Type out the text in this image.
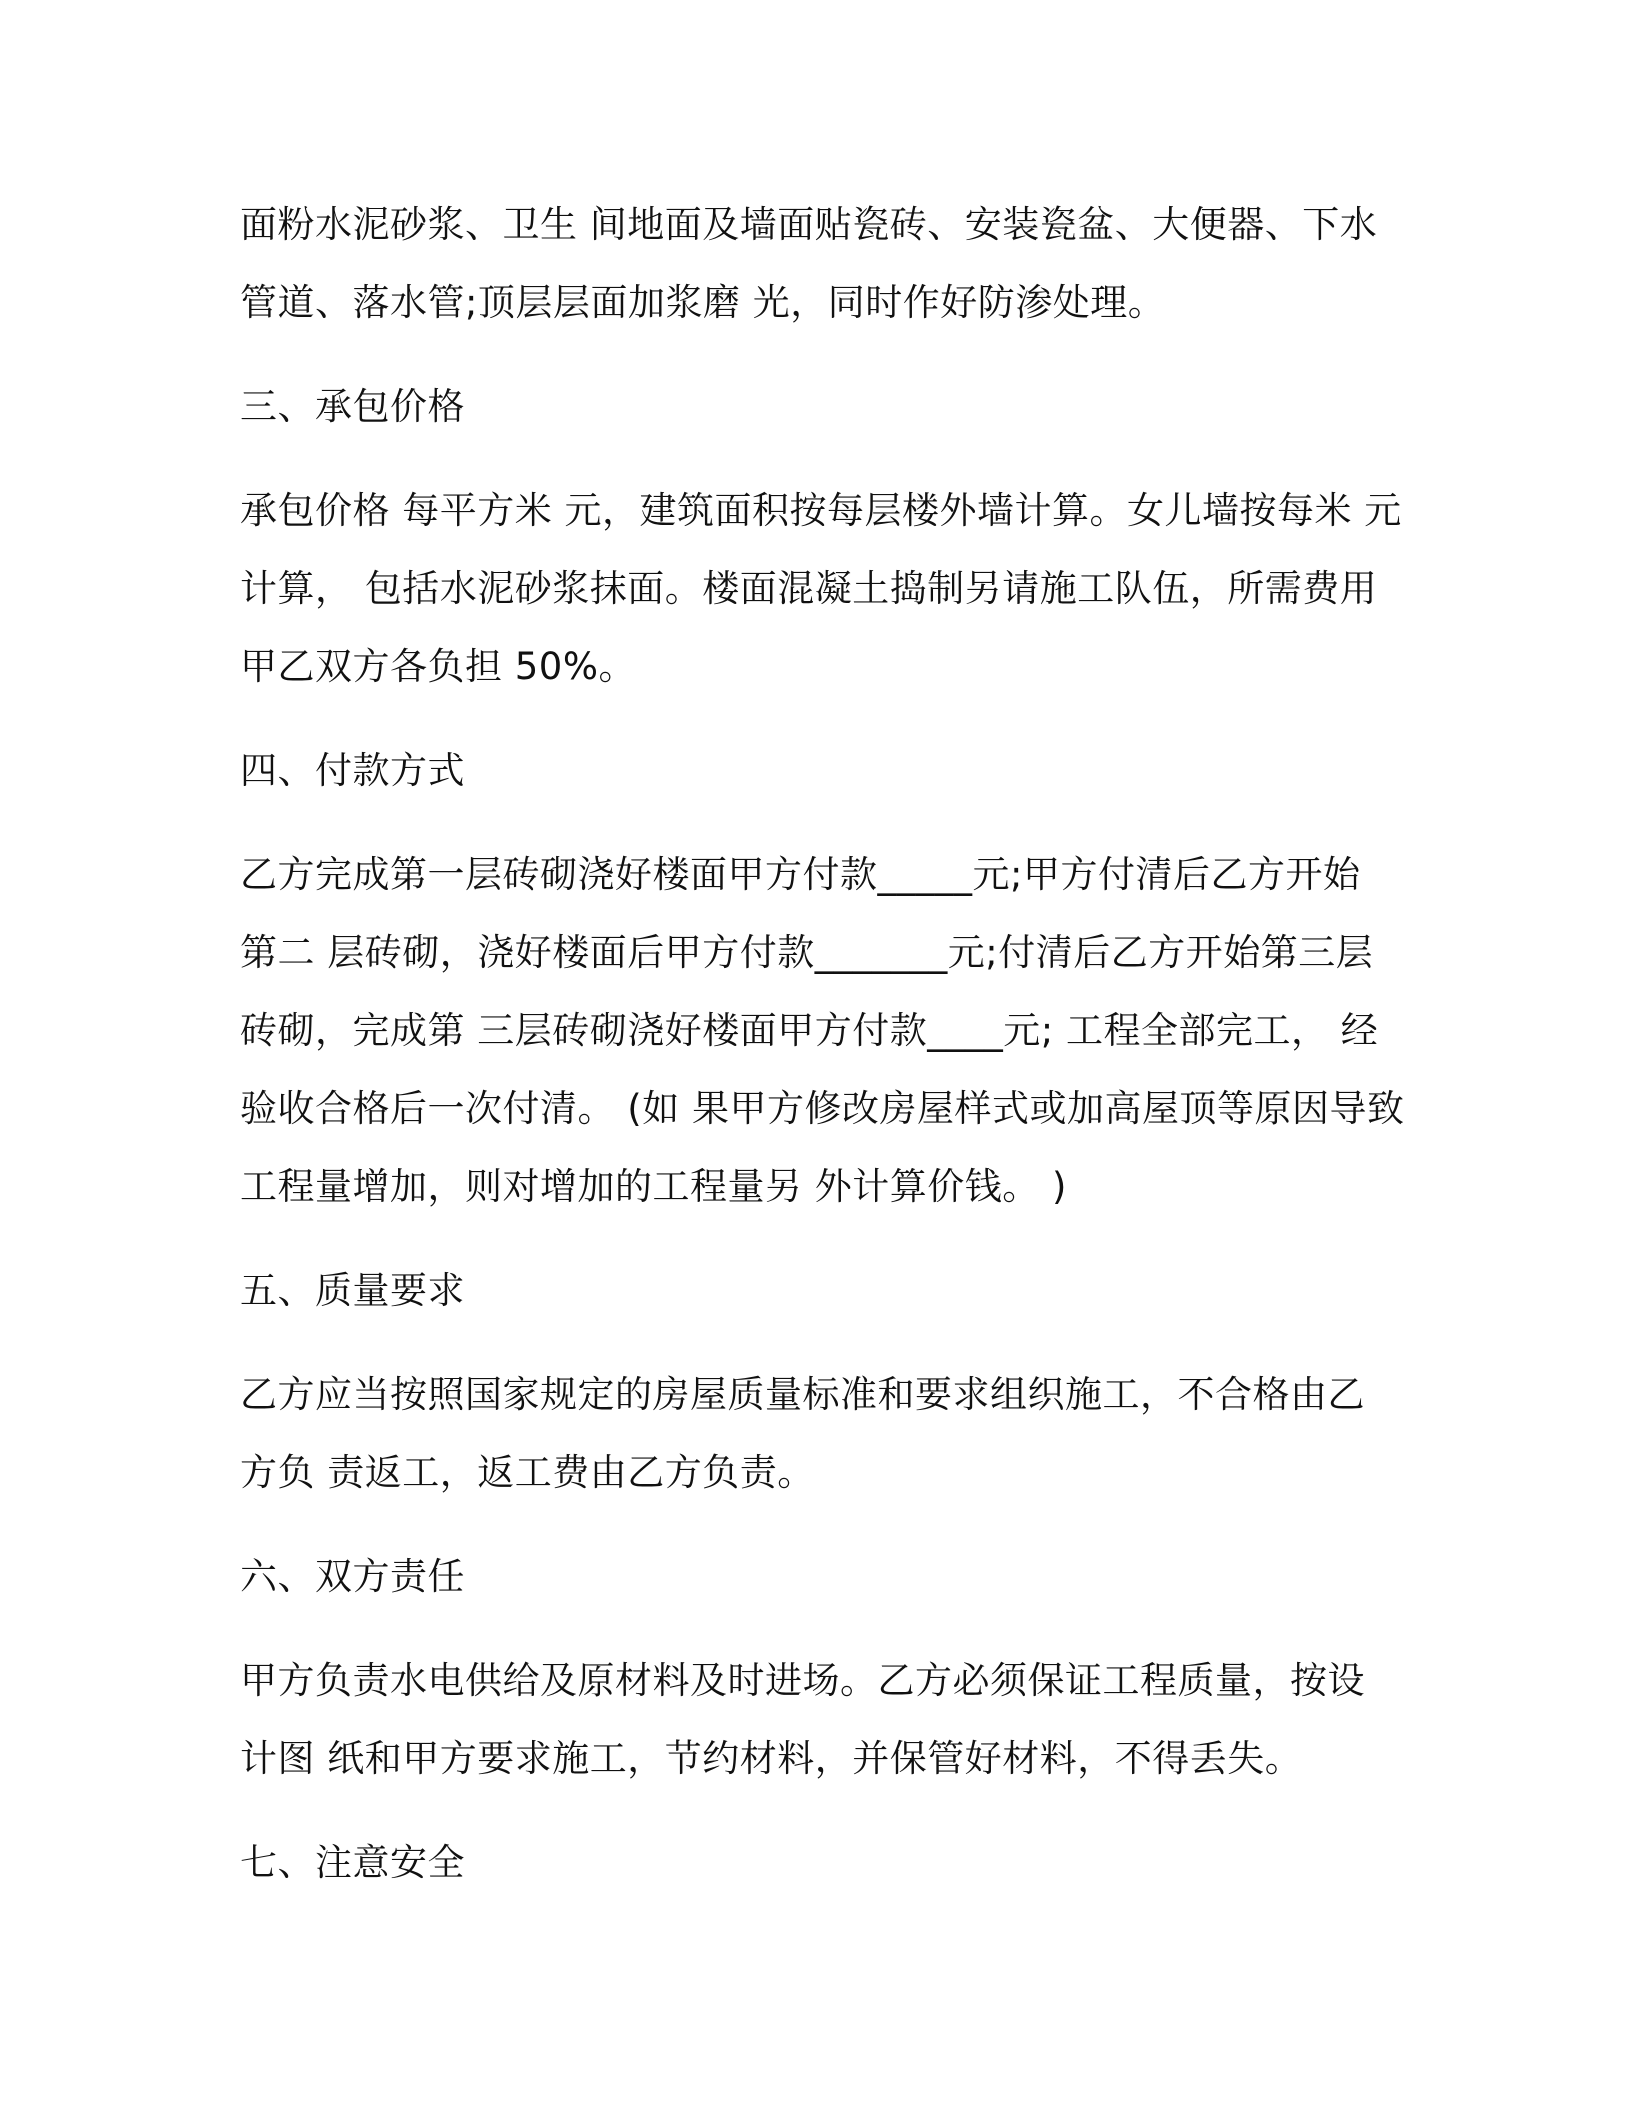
面粉水泥砂浆、卫生 间地面及墙面贴瓷砖、安装瓷盆、大便器、下水
管道、落水管;顶层层面加浆磨 光，同时作好防渗处理。
三、承包价格
承包价格 每平方米 元，建筑面积按每层楼外墙计算。女儿墙按每米 元
计算， 包括水泥砂浆抹面。楼面混凝土捣制另请施工队伍，所需费用
甲乙双方各负担 50%。
四、付款方式
乙方完成第一层砖砌浇好楼面甲方付款_____元;甲方付清后乙方开始
第二 层砖砌，浇好楼面后甲方付款_______元;付清后乙方开始第三层
砖砌，完成第 三层砖砌浇好楼面甲方付款____元; 工程全部完工， 经
验收合格后一次付清。 (如 果甲方修改房屋样式或加高屋顶等原因导致
工程量增加，则对增加的工程量另 外计算价钱。 )
五、质量要求
乙方应当按照国家规定的房屋质量标准和要求组织施工，不合格由乙
方负 责返工，返工费由乙方负责。
六、双方责任
甲方负责水电供给及原材料及时进场。乙方必须保证工程质量，按设
计图 纸和甲方要求施工，节约材料，并保管好材料，不得丢失。
七、注意安全
